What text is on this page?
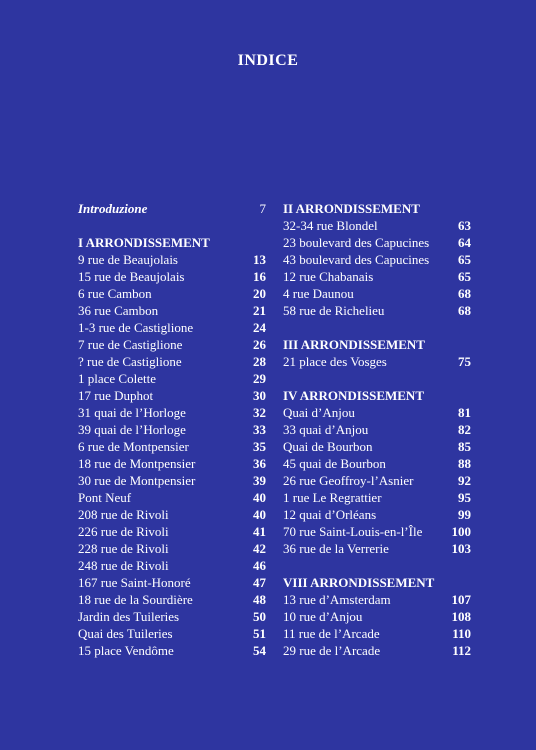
INDICE
Introduzione	7
I ARRONDISSEMENT
9 rue de Beaujolais	13
15 rue de Beaujolais	16
6 rue Cambon	20
36 rue Cambon	21
1-3 rue de Castiglione	24
7 rue de Castiglione	26
? rue de Castiglione	28
1 place Colette	29
17 rue Duphot	30
31 quai de l’Horloge	32
39 quai de l’Horloge	33
6 rue de Montpensier	35
18 rue de Montpensier	36
30 rue de Montpensier	39
Pont Neuf	40
208 rue de Rivoli	40
226 rue de Rivoli	41
228 rue de Rivoli	42
248 rue de Rivoli	46
167 rue Saint-Honoré	47
18 rue de la Sourdière	48
Jardin des Tuileries	50
Quai des Tuileries	51
15 place Vendôme	54
II ARRONDISSEMENT
32-34 rue Blondel	63
23 boulevard des Capucines 64
43 boulevard des Capucines 65
12 rue Chabanais	65
4 rue Daunou	68
58 rue de Richelieu	68
III ARRONDISSEMENT
21 place des Vosges	75
IV ARRONDISSEMENT
Quai d’Anjou	81
33 quai d’Anjou	82
Quai de Bourbon	85
45 quai de Bourbon	88
26 rue Geoffroy-l’Asnier	92
1 rue Le Regrattier	95
12 quai d’Orléans	99
70 rue Saint-Louis-en-l’Île 100
36 rue de la Verrerie	103
VIII ARRONDISSEMENT
13 rue d’Amsterdam	107
10 rue d’Anjou	108
11 rue de l’Arcade	110
29 rue de l’Arcade	112
